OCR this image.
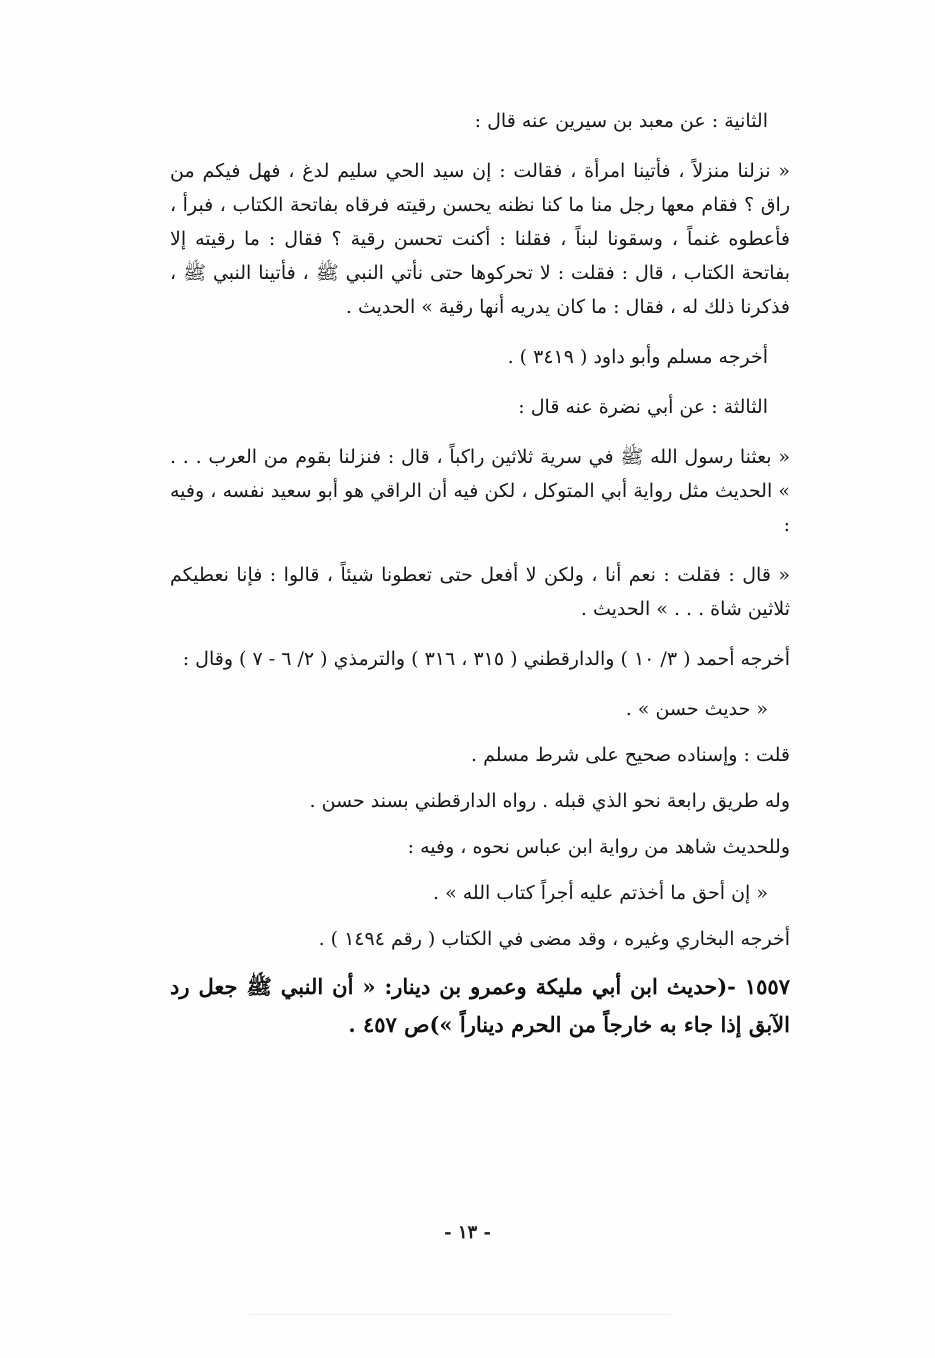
الثانية : عن معبد بن سيرين عنه قال :

« نزلنا منزلاً ، فأتينا امرأة ، فقالت : إن سيد الحي سليم لدغ ، فهل فيكم من راق ؟ فقام معها رجل منا ما كنا نظنه يحسن رقيته فرقاه بفاتحة الكتاب ، فبرأ ، فأعطوه غنماً ، وسقونا لبناً ، فقلنا : أكنت تحسن رقية ؟ فقال : ما رقيته إلا بفاتحة الكتاب ، قال : فقلت : لا تحركوها حتى نأتي النبي ﷺ ، فأتينا النبي ﷺ ، فذكرنا ذلك له ، فقال : ما كان يدريه أنها رقية » الحديث .

أخرجه مسلم وأبو داود ( ٣٤١٩ ) .

الثالثة : عن أبي نضرة عنه قال :

« بعثنا رسول الله ﷺ في سرية ثلاثين راكباً ، قال : فنزلنا بقوم من العرب . . . » الحديث مثل رواية أبي المتوكل ، لكن فيه أن الراقي هو أبو سعيد نفسه ، وفيه :

« قال : فقلت : نعم أنا ، ولكن لا أفعل حتى تعطونا شيئاً ، قالوا : فإنا نعطيكم ثلاثين شاة . . . » الحديث .

أخرجه أحمد ( ٣/ ١٠ ) والدارقطني ( ٣١٥ ، ٣١٦ ) والترمذي ( ٢/ ٦ - ٧ ) وقال :

« حديث حسن » .

قلت : وإسناده صحيح على شرط مسلم .

وله طريق رابعة نحو الذي قبله . رواه الدارقطني بسند حسن .

وللحديث شاهد من رواية ابن عباس نحوه ، وفيه :

« إن أحق ما أخذتم عليه أجراً كتاب الله » .

أخرجه البخاري وغيره ، وقد مضى في الكتاب ( رقم ١٤٩٤ ) .

١٥٥٧ -(حديث ابن أبي مليكة وعمرو بن دينار: « أن النبي ﷺ جعل رد الآبق إذا جاء به خارجاً من الحرم ديناراً »)ص ٤٥٧ .

- ١٣ -
